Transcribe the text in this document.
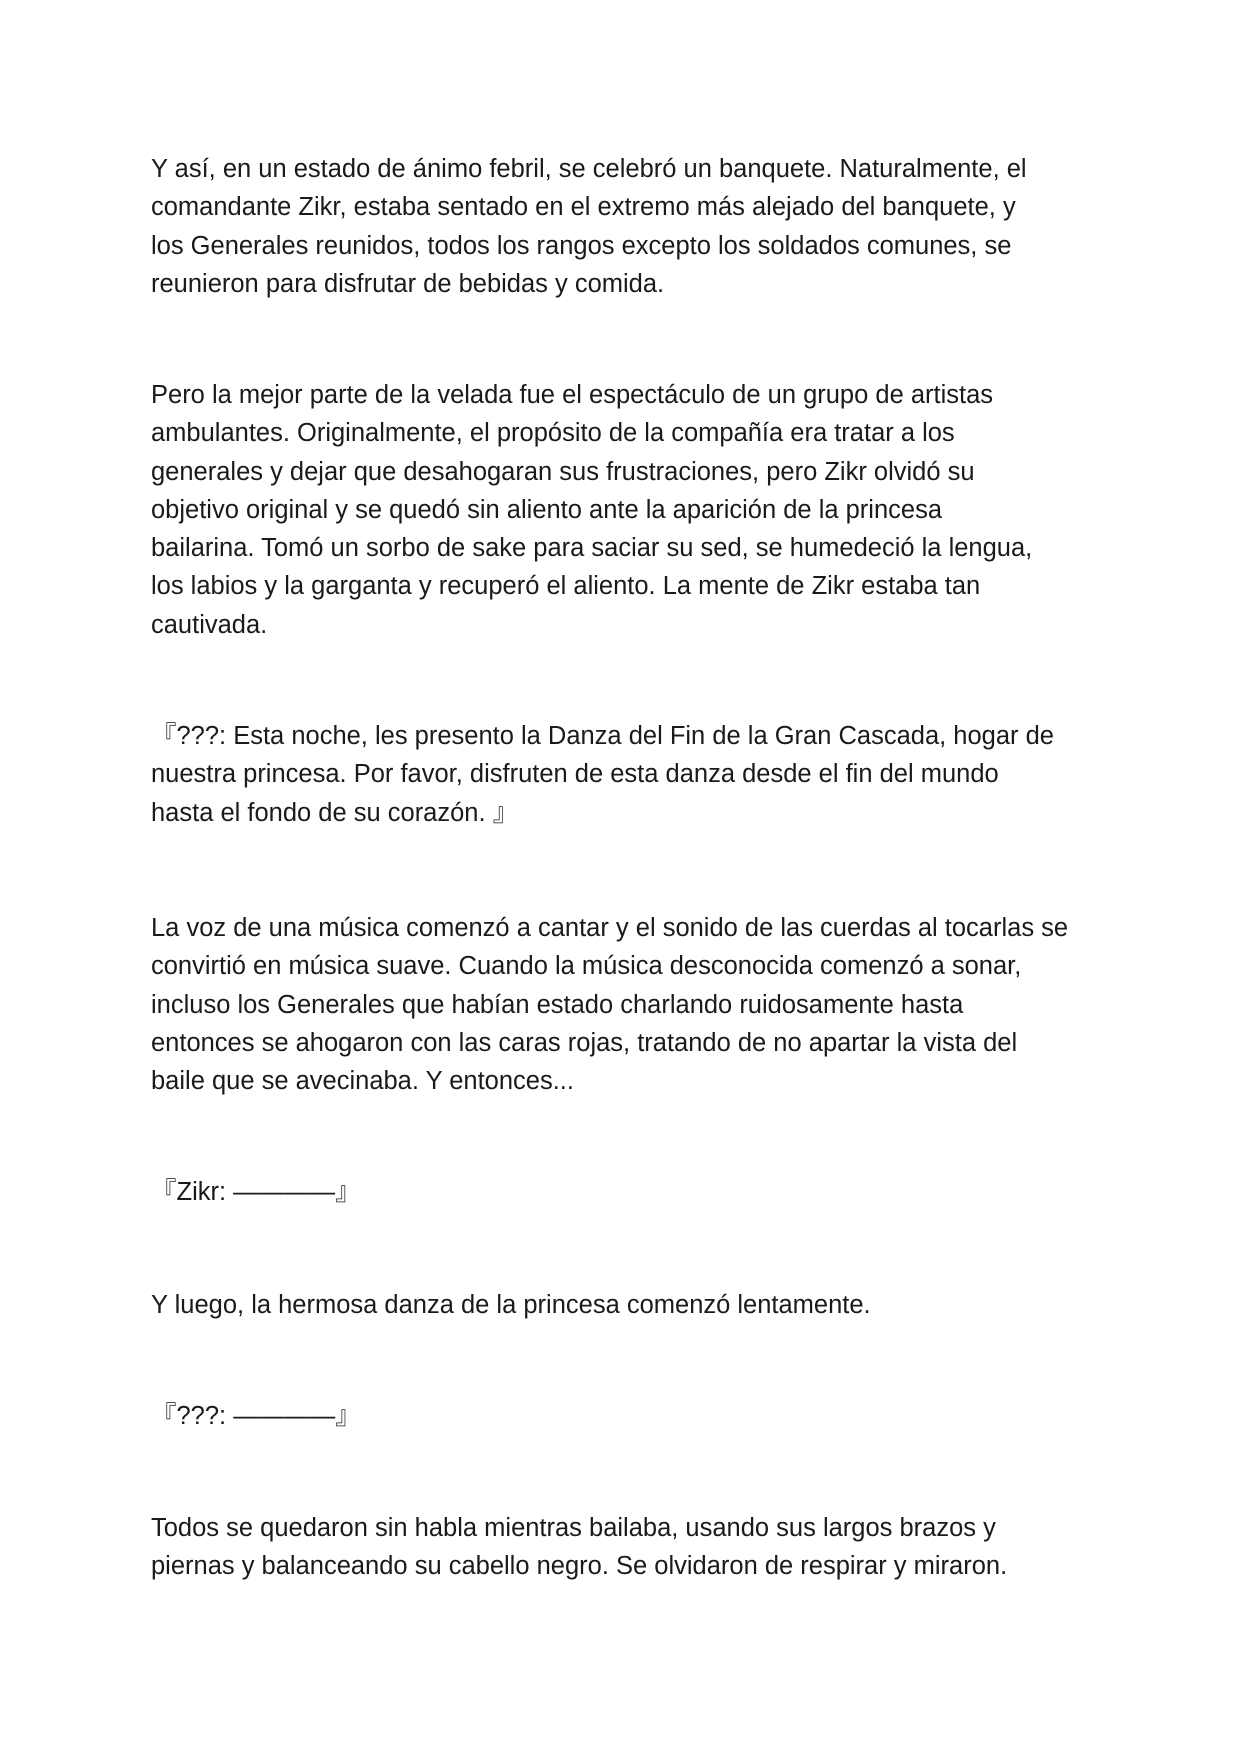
Y así, en un estado de ánimo febril, se celebró un banquete. Naturalmente, el
comandante Zikr, estaba sentado en el extremo más alejado del banquete, y
los Generales reunidos, todos los rangos excepto los soldados comunes, se
reunieron para disfrutar de bebidas y comida.

Pero la mejor parte de la velada fue el espectáculo de un grupo de artistas
ambulantes. Originalmente, el propósito de la compañía era tratar a los
generales y dejar que desahogaran sus frustraciones, pero Zikr olvidó su
objetivo original y se quedó sin aliento ante la aparición de la princesa
bailarina. Tomó un sorbo de sake para saciar su sed, se humedeció la lengua,
los labios y la garganta y recuperó el aliento. La mente de Zikr estaba tan
cautivada.

『???: Esta noche, les presento la Danza del Fin de la Gran Cascada, hogar de
nuestra princesa. Por favor, disfruten de esta danza desde el fin del mundo
hasta el fondo de su corazón. 』

La voz de una música comenzó a cantar y el sonido de las cuerdas al tocarlas se
convirtió en música suave. Cuando la música desconocida comenzó a sonar,
incluso los Generales que habían estado charlando ruidosamente hasta
entonces se ahogaron con las caras rojas, tratando de no apartar la vista del
baile que se avecinaba. Y entonces...

『Zikr: ————』

Y luego, la hermosa danza de la princesa comenzó lentamente.

『???: ————』

Todos se quedaron sin habla mientras bailaba, usando sus largos brazos y
piernas y balanceando su cabello negro. Se olvidaron de respirar y miraron.
